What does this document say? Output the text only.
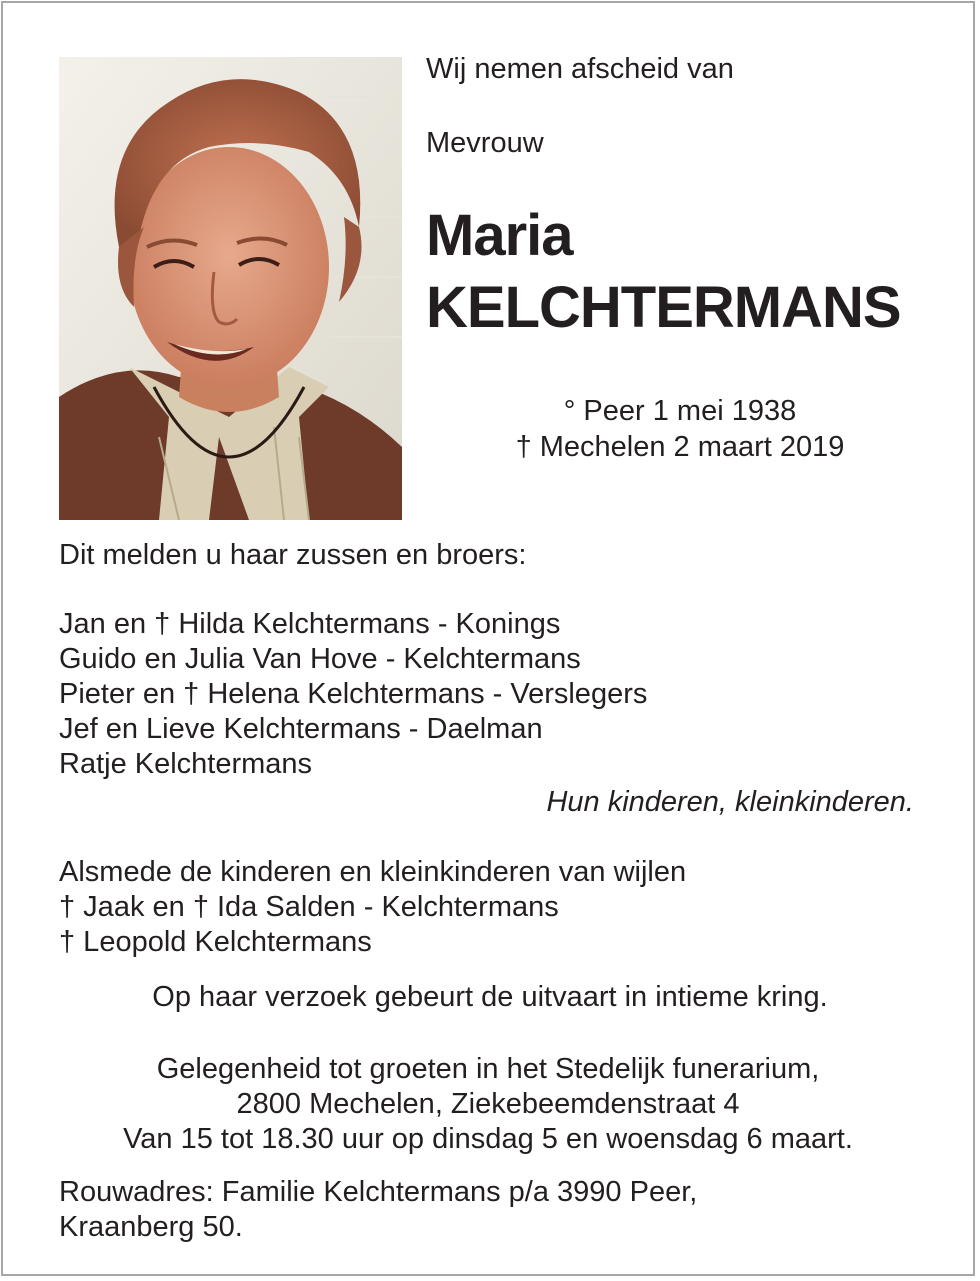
Wij nemen afscheid van
Mevrouw
Maria
KELCHTERMANS
° Peer 1 mei 1938
† Mechelen 2 maart 2019
Dit melden u haar zussen en broers:
Jan en † Hilda Kelchtermans - Konings
Guido en Julia Van Hove - Kelchtermans
Pieter en † Helena Kelchtermans - Verslegers
Jef en Lieve Kelchtermans - Daelman
Ratje Kelchtermans
Hun kinderen, kleinkinderen.
Alsmede de kinderen en kleinkinderen van wijlen
† Jaak en † Ida Salden - Kelchtermans
† Leopold Kelchtermans
Op haar verzoek gebeurt de uitvaart in intieme kring.
Gelegenheid tot groeten in het Stedelijk funerarium,
2800 Mechelen, Ziekebeemdenstraat 4
Van 15 tot 18.30 uur op dinsdag 5 en woensdag 6 maart.
Rouwadres: Familie Kelchtermans p/a 3990 Peer,
Kraanberg 50.
